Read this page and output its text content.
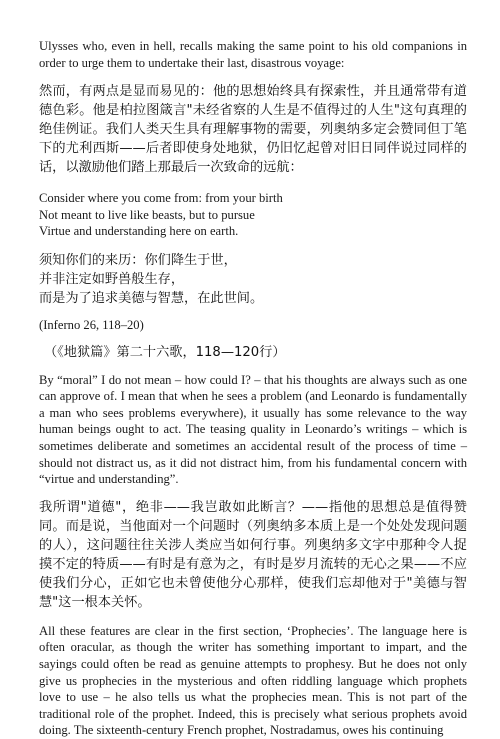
Ulysses who, even in hell, recalls making the same point to his old companions in order to urge them to undertake their last, disastrous voyage:

然而，有两点是显而易见的：他的思想始终具有探索性，并且通常带有道德色彩。他是柏拉图箴言"未经省察的人生是不值得过的人生"这句真理的绝佳例证。我们人类天生具有理解事物的需要，列奥纳多定会赞同但丁笔下的尤利西斯——后者即使身处地狱，仍旧忆起曾对旧日同伴说过同样的话，以激励他们踏上那最后一次致命的远航：

Consider where you come from: from your birth
Not meant to live like beasts, but to pursue
Virtue and understanding here on earth.
须知你们的来历：你们降生于世，
并非注定如野兽般生存，
而是为了追求美德与智慧，在此世间。

(Inferno 26, 118–20)

（《地狱篇》第二十六歌，118—120行）

By “moral” I do not mean – how could I? – that his thoughts are always such as one can approve of. I mean that when he sees a problem (and Leonardo is fundamentally a man who sees problems everywhere), it usually has some relevance to the way human beings ought to act. The teasing quality in Leonardo’s writings – which is sometimes deliberate and sometimes an accidental result of the process of time – should not distract us, as it did not distract him, from his fundamental concern with “virtue and understanding”.

我所谓"道德"，绝非——我岂敢如此断言？——指他的思想总是值得赞同。而是说，当他面对一个问题时（列奥纳多本质上是一个处处发现问题的人），这问题往往关涉人类应当如何行事。列奥纳多文字中那种令人捉摸不定的特质——有时是有意为之，有时是岁月流转的无心之果——不应使我们分心，正如它也未曾使他分心那样，使我们忘却他对于"美德与智慧"这一根本关怀。

All these features are clear in the first section, ‘Prophecies’. The language here is often oracular, as though the writer has something important to impart, and the sayings could often be read as genuine attempts to prophesy. But he does not only give us prophecies in the mysterious and often riddling language which prophets love to use – he also tells us what the prophecies mean. This is not part of the traditional role of the prophet. Indeed, this is precisely what serious prophets avoid doing. The sixteenth-century French prophet, Nostradamus, owes his continuing
